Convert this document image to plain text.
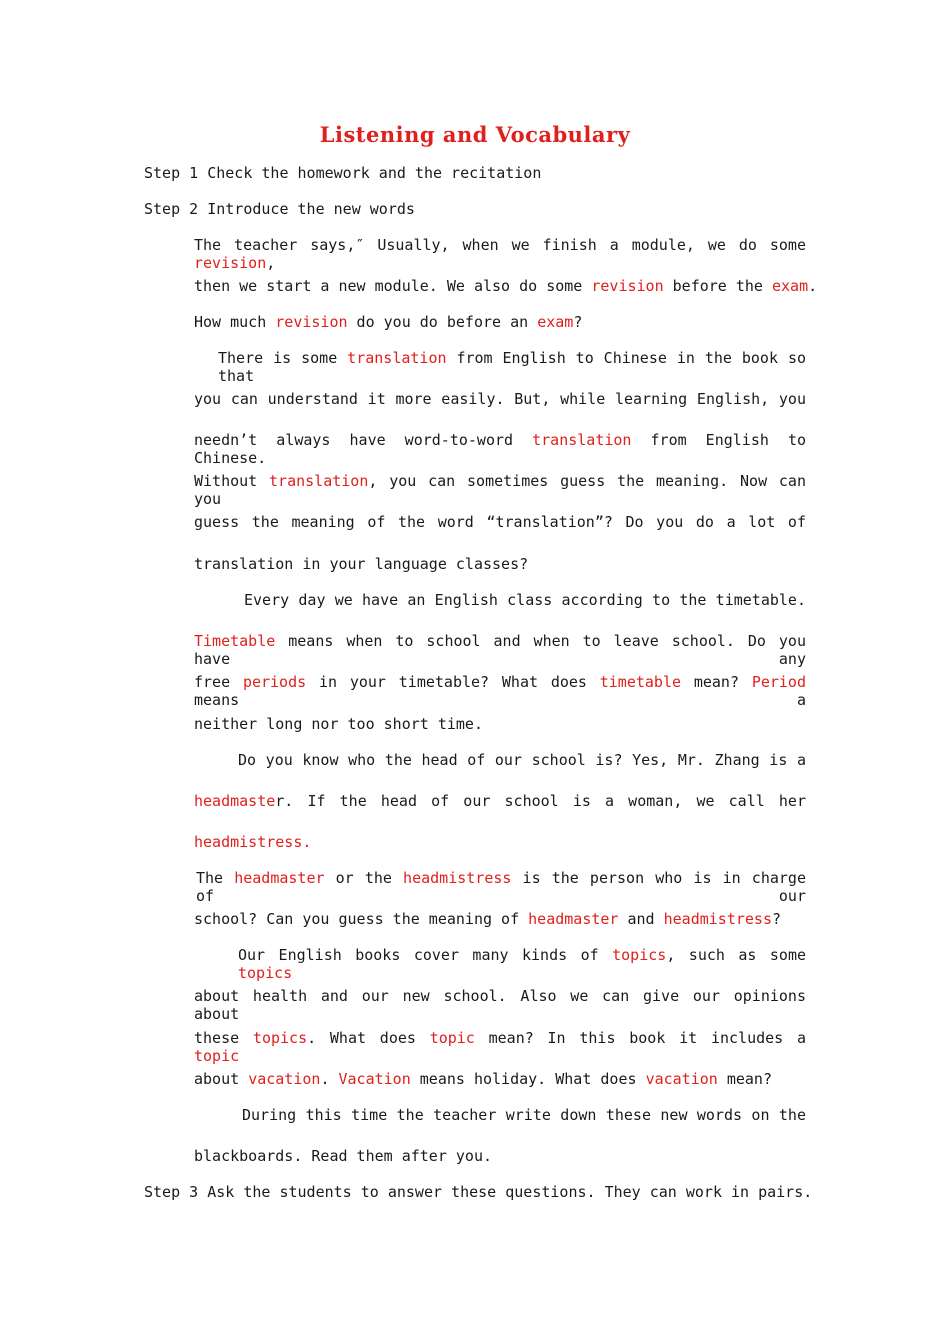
Listening and Vocabulary
Step 1 Check the homework and the recitation
Step 2 Introduce the new words
The teacher says,″ Usually, when we finish a module, we do some revision,
then we start a new module. We also do some revision before the exam.
How much revision do you do before an exam?
There is some translation from English to Chinese in the book so that
you can understand it more easily. But, while learning English, you
needn’t always have word-to-word translation from English to Chinese.
Without translation, you can sometimes guess the meaning. Now can you
guess the meaning of the word “translation”? Do you do a lot of
translation in your language classes?
Every day we have an English class according to the timetable.
Timetable means when to school and when to leave school. Do you have any
free periods in your timetable? What does timetable mean? Period means a
neither long nor too short time.
Do you know who the head of our school is? Yes, Mr. Zhang is a
headmaster. If the head of our school is a woman, we call her
headmistress.
The headmaster or the headmistress is the person who is in charge of our
school? Can you guess the meaning of headmaster and headmistress?
Our English books cover many kinds of topics, such as some topics
about health and our new school. Also we can give our opinions about
these topics. What does topic mean? In this book it includes a topic
about vacation. Vacation means holiday. What does vacation mean?
During this time the teacher write down these new words on the
blackboards. Read them after you.
Step 3 Ask the students to answer these questions. They can work in pairs.
